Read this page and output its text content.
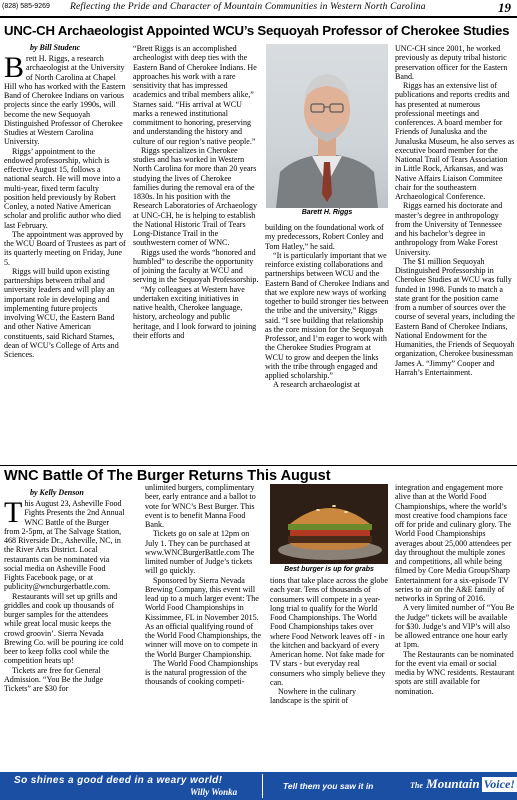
(828) 585-9269 Reflecting the Pride and Character of Mountain Communities in Western North Carolina	19
UNC-CH Archaeologist Appointed WCU’s Sequoyah Professor of Cherokee Studies
by Bill Studenc

Brett H. Riggs, a research archaeologist at the University of North Carolina at Chapel Hill who has worked with the Eastern Band of Cherokee Indians on various projects since the early 1990s, will become the new Sequoyah Distinguished Professor of Cherokee Studies at Western Carolina University.

Riggs’ appointment to the endowed professorship, which is effective August 15, follows a national search. He will move into a multi-year, fixed term faculty position held previously by Robert Conley, a noted Native American scholar and prolific author who died last February.

The appointment was approved by the WCU Board of Trustees as part of its quarterly meeting on Friday, June 5.

Riggs will build upon existing partnerships between tribal and university leaders and will play an important role in developing and implementing future projects involving WCU, the Eastern Band and other Native American constituents, said Richard Starnes, dean of WCU’s College of Arts and Sciences.

“Brett Riggs is an accomplished archeologist with deep ties with the Eastern Band of Cherokee Indians. He approaches his work with a rare sensitivity that has impressed academics and tribal members alike,” Starnes said. “His arrival at WCU marks a renewed institutional commitment to honoring, preserving and understanding the history and culture of our region’s native people.”

Riggs specializes in Cherokee studies and has worked in Western North Carolina for more than 20 years studying the lives of Cherokee families during the removal era of the 1830s. In his position with the Research Laboratories of Archaeology at UNC-CH, he is helping to establish the National Historic Trail of Tears Long-Distance Trail in the southwestern corner of WNC.

Riggs used the words “honored and humbled” to describe the opportunity of joining the faculty at WCU and serving in the Sequoyah Professorship.

“My colleagues at Western have undertaken exciting initiatives in native health, Cherokee language, history, archeology and public heritage, and I look forward to joining their efforts and

building on the foundational work of my predecessors, Robert Conley and Tom Hatley,” he said.

“It is particularly important that we reinforce existing collaborations and partnerships between WCU and the Eastern Band of Cherokee Indians and that we explore new ways of working together to build stronger ties between the tribe and the university,” Riggs said. “I see building that relationship as the core mission for the Sequoyah Professor, and I’m eager to work with the Cherokee Studies Program at WCU to grow and deepen the links with the tribe through engaged and applied scholarship.”

A research archaeologist at

UNC-CH since 2001, he worked previously as deputy tribal historic preservation officer for the Eastern Band.

Riggs has an extensive list of publications and reports credits and has presented at numerous professional meetings and conferences. A board member for Friends of Junaluska and the Junaluska Museum, he also serves as executive board member for the National Trail of Tears Association in Little Rock, Arkansas, and was Native Affairs Liaison Commitee chair for the southeastern Archaeological Conference.

Riggs earned his doctorate and master’s degree in anthropology from the University of Tennessee and his bachelor’s degree in anthropology from Wake Forest University.

The $1 million Sequoyah Distinguished Professorship in Cherokee Studies at WCU was fully funded in 1998. Funds to match a state grant for the position came from a number of sources over the course of several years, including the Eastern Band of Cherokee Indians, National Endowment for the Humanities, the Friends of Sequoyah organization, Cherokee businessman James A. “Jimmy” Cooper and Harrah’s Entertainment.

Barett H. Riggs
WNC Battle Of The Burger Returns This August
by Kelly Denson

This August 23, Asheville Food Fights Presents the 2nd Annual WNC Battle of the Burger from 2-5pm, at The Salvage Station, 468 Riverside Dr., Asheville, NC, in the River Arts District. Local restaurants can be nominated via social media on Asheville Food Fights Facebook page, or at publicity@wncburgerbattle.com.

Restaurants will set up grills and griddles and cook up thousands of burger samples for the attendees while great local music keeps the crowd groovin’. Sierra Nevada Brewing Co. will be pouring ice cold beer to keep folks cool while the competition heats up!

Tickets are free for General Admission. “You Be the Judge Tickets” are $30 for

unlimited burgers, complimentary beer, early entrance and a ballot to vote for WNC’s Best Burger. This event is to benefit Manna Food Bank.

Tickets go on sale at 12pm on July 1. They can be purchased at www.WNCBurgerBattle.com The limited number of Judge’s tickets will go quickly.

Sponsored by Sierra Nevada Brewing Company, this event will lead up to a much larger event: The World Food Championships in Kissimmee, FL in November 2015. As an official qualifying round of the World Food Championships, the winner will move on to compete in the World Burger Championship.

The World Food Championships is the natural progression of the thousands of cooking competi-

tions that take place across the globe each year. Tens of thousands of consumers will compete in a year-long trial to qualify for the World Food Championships. The World Food Championships takes over where Food Network leaves off - in the kitchen and backyard of every American home. Not fake made for TV stars - but everyday real consumers who simply believe they can.

Nowhere in the culinary landscape is the spirit of

integration and engagement more alive than at the World Food Championships, where the world’s most creative food champions face off for pride and culinary glory. The World Food Championships averages about 25,000 attendees per day throughout the multiple zones and competitions, all while being filmed by Core Media Group/Sharp Entertainment for a six-episode TV series to air on the A&E family of networks in Spring of 2016.

A very limited number of “You Be the Judge” tickets will be available for $30. Judge’s and VIP’s will also be allowed entrance one hour early at 1pm.

The Restaurants can be nominated for the event via email or social media by WNC residents. Restaurant spots are still available for nomination.

Best burger is up for grabs
So shines a good deed in a weary world!
Willy Wonka
Tell them you saw it in	The Mountain Voice!
